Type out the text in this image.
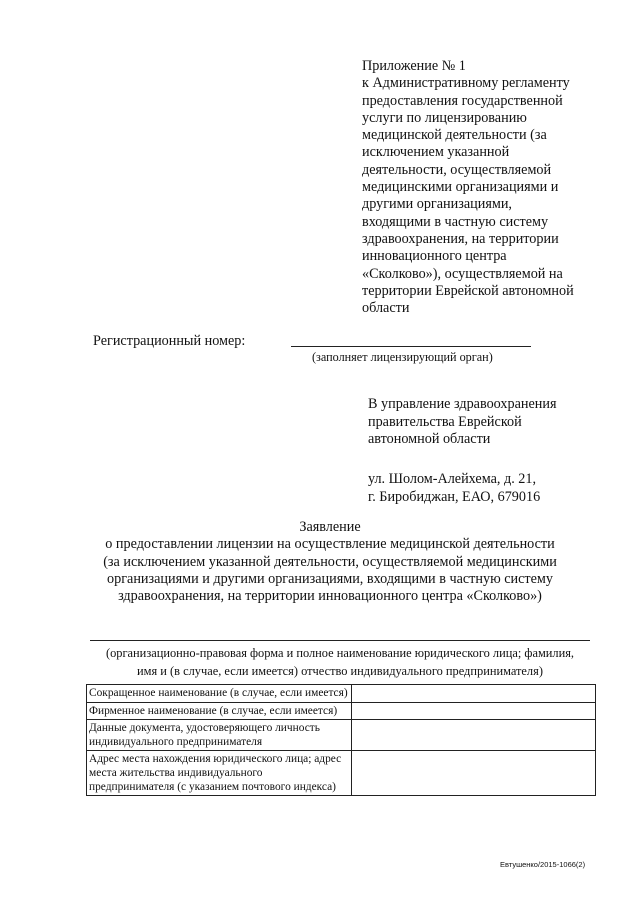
Приложение № 1
к Административному регламенту
предоставления государственной
услуги по лицензированию
медицинской деятельности (за
исключением указанной
деятельности, осуществляемой
медицинскими организациями и
другими организациями,
входящими в частную систему
здравоохранения, на территории
инновационного центра
«Сколково»), осуществляемой на
территории Еврейской автономной
области
Регистрационный номер:
(заполняет лицензирующий орган)
В управление здравоохранения
правительства Еврейской
автономной области
ул. Шолом-Алейхема, д. 21,
г. Биробиджан, ЕАО, 679016
Заявление
о предоставлении лицензии на осуществление медицинской деятельности
(за исключением указанной деятельности, осуществляемой медицинскими
организациями и другими организациями, входящими в частную систему
здравоохранения, на территории инновационного центра «Сколково»)
(организационно-правовая форма и полное наименование юридического лица; фамилия,
имя и (в случае, если имеется) отчество индивидуального предпринимателя)
Сокращенное наименование (в случае, если имеется)	
Фирменное наименование (в случае, если имеется)	
Данные документа, удостоверяющего личность индивидуального предпринимателя	
Адрес места нахождения юридического лица; адрес места жительства индивидуального предпринимателя (с указанием почтового индекса)	
Евтушенко/2015-1066(2)
